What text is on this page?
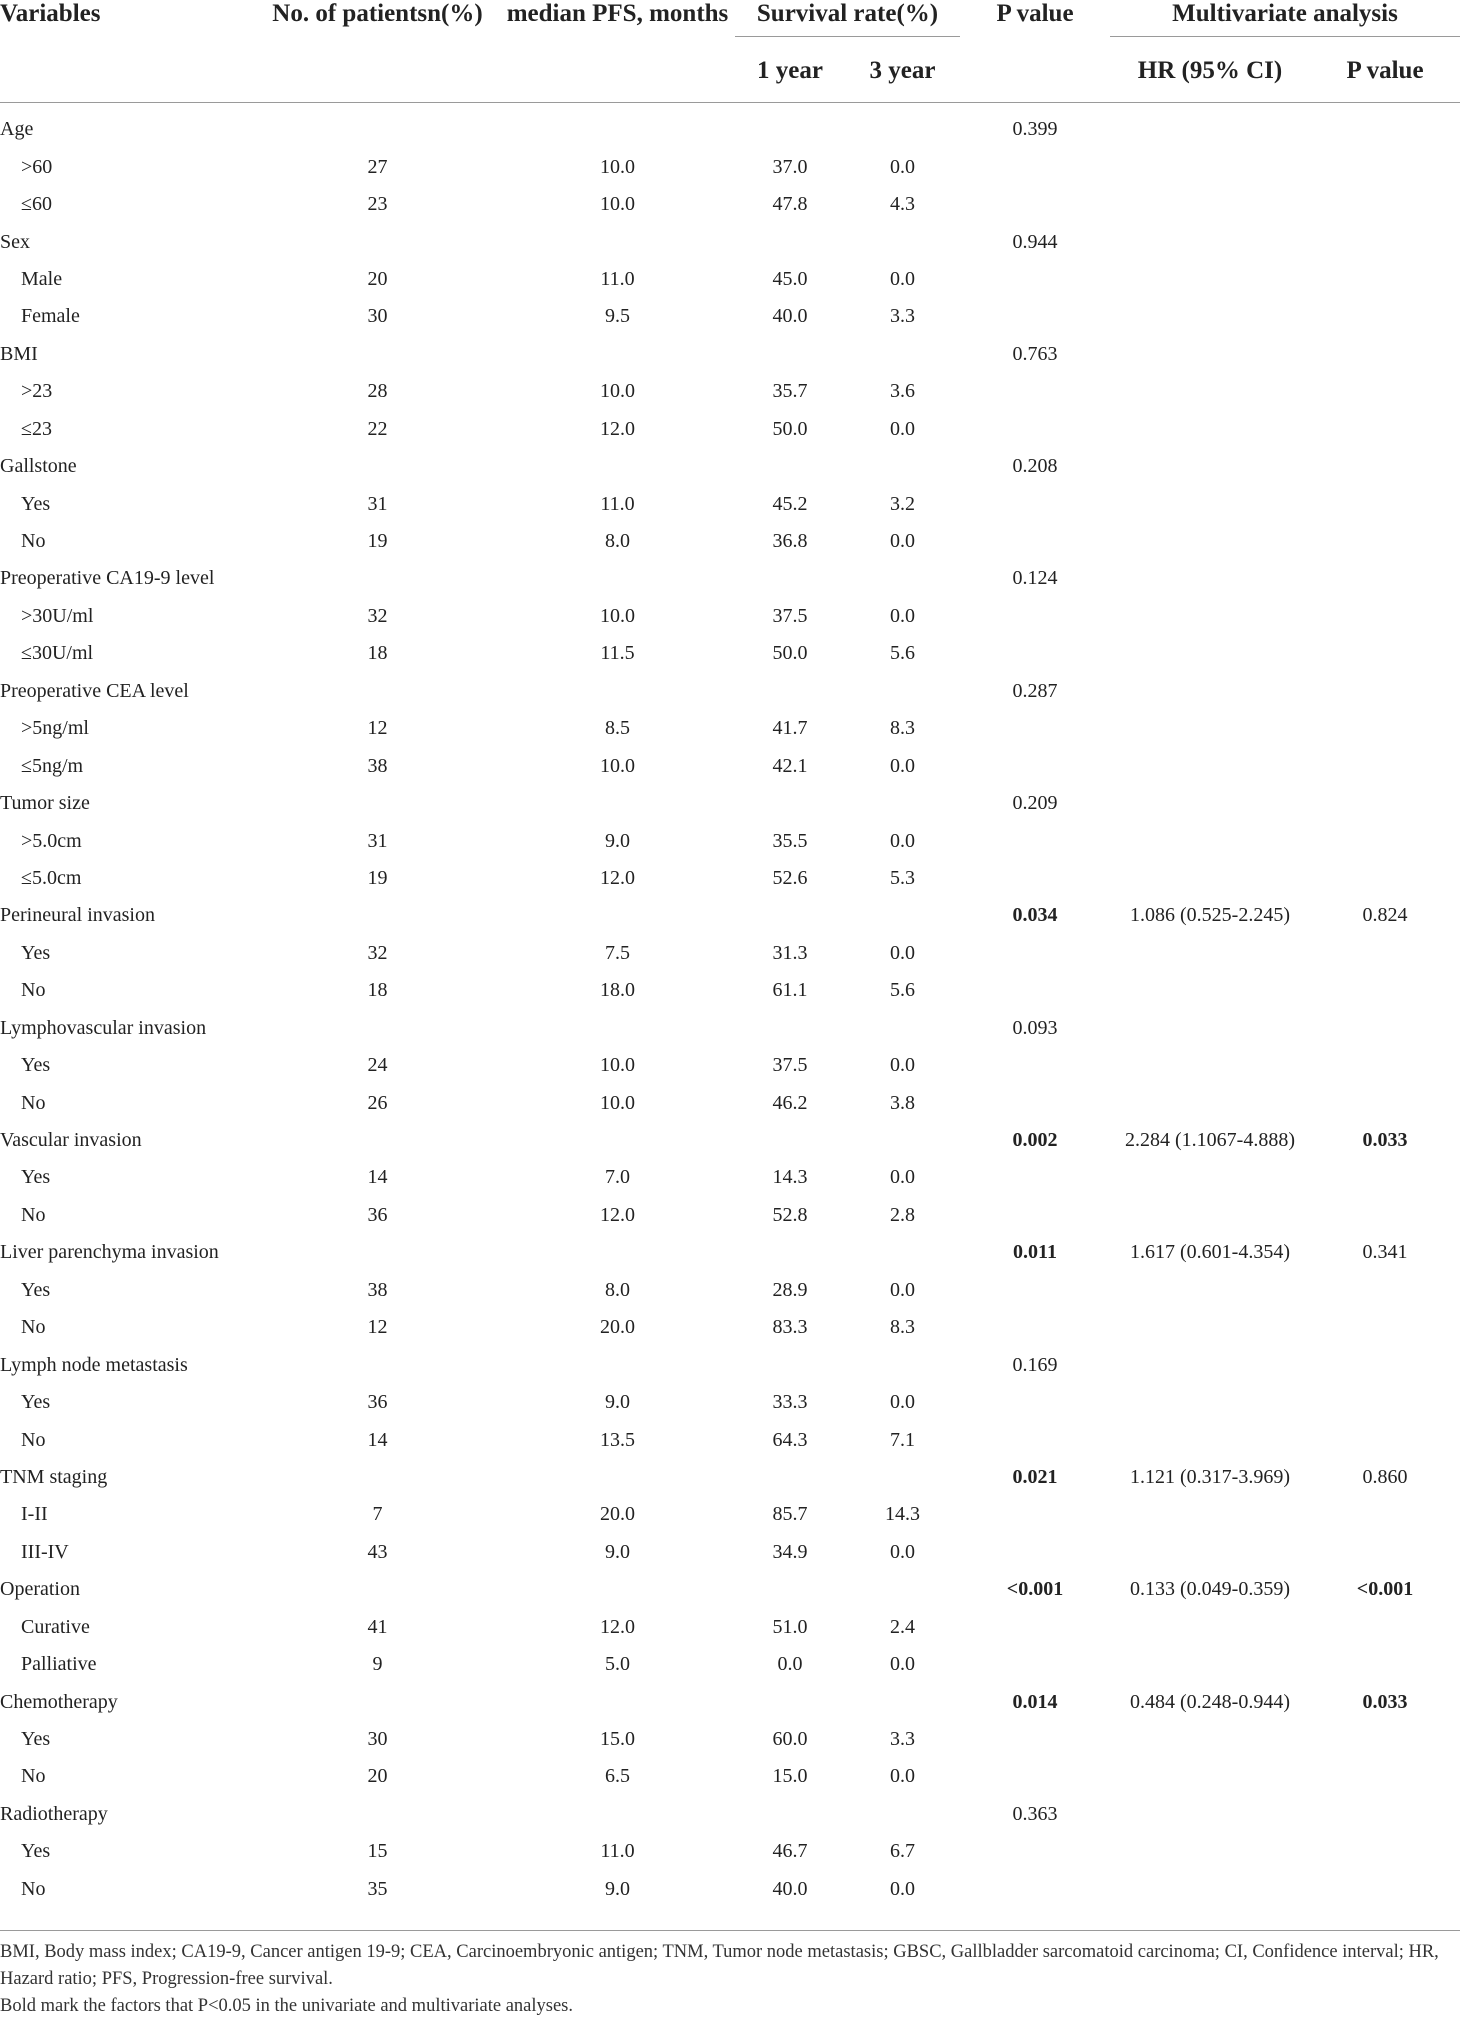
Variables	No. of patientsn(%)	median PFS, months	Survival rate(%)		P value	Multivariate analysis	
			1 year	3 year		HR (95% CI)	P value
Age					0.399		
>60	27	10.0	37.0	0.0			
≤60	23	10.0	47.8	4.3			
Sex					0.944		
Male	20	11.0	45.0	0.0			
Female	30	9.5	40.0	3.3			
BMI					0.763		
>23	28	10.0	35.7	3.6			
≤23	22	12.0	50.0	0.0			
Gallstone					0.208		
Yes	31	11.0	45.2	3.2			
No	19	8.0	36.8	0.0			
Preoperative CA19-9 level					0.124		
>30U/ml	32	10.0	37.5	0.0			
≤30U/ml	18	11.5	50.0	5.6			
Preoperative CEA level					0.287		
>5ng/ml	12	8.5	41.7	8.3			
≤5ng/m	38	10.0	42.1	0.0			
Tumor size					0.209		
>5.0cm	31	9.0	35.5	0.0			
≤5.0cm	19	12.0	52.6	5.3			
Perineural invasion					0.034	1.086 (0.525-2.245)	0.824
Yes	32	7.5	31.3	0.0			
No	18	18.0	61.1	5.6			
Lymphovascular invasion					0.093		
Yes	24	10.0	37.5	0.0			
No	26	10.0	46.2	3.8			
Vascular invasion					0.002	2.284 (1.1067-4.888)	0.033
Yes	14	7.0	14.3	0.0			
No	36	12.0	52.8	2.8			
Liver parenchyma invasion					0.011	1.617 (0.601-4.354)	0.341
Yes	38	8.0	28.9	0.0			
No	12	20.0	83.3	8.3			
Lymph node metastasis					0.169		
Yes	36	9.0	33.3	0.0			
No	14	13.5	64.3	7.1			
TNM staging					0.021	1.121 (0.317-3.969)	0.860
I-II	7	20.0	85.7	14.3			
III-IV	43	9.0	34.9	0.0			
Operation					<0.001	0.133 (0.049-0.359)	<0.001
Curative	41	12.0	51.0	2.4			
Palliative	9	5.0	0.0	0.0			
Chemotherapy					0.014	0.484 (0.248-0.944)	0.033
Yes	30	15.0	60.0	3.3			
No	20	6.5	15.0	0.0			
Radiotherapy					0.363		
Yes	15	11.0	46.7	6.7			
No	35	9.0	40.0	0.0			
BMI, Body mass index; CA19-9, Cancer antigen 19-9; CEA, Carcinoembryonic antigen; TNM, Tumor node metastasis; GBSC, Gallbladder sarcomatoid carcinoma; CI, Confidence interval; HR, Hazard ratio; PFS, Progression-free survival.
Bold mark the factors that P<0.05 in the univariate and multivariate analyses.
